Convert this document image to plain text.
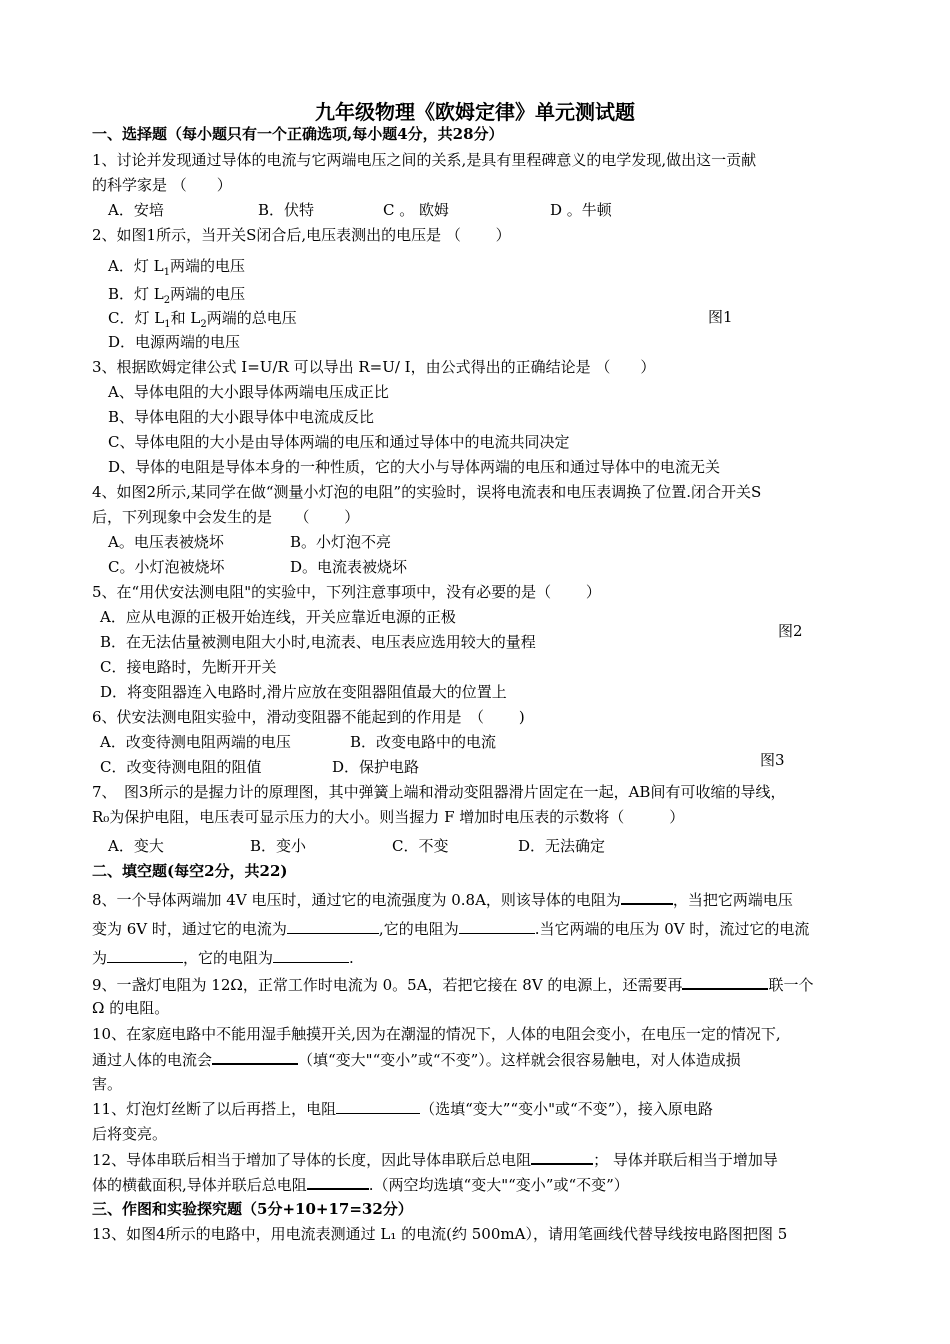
九年级物理《欧姆定律》单元测试题
一、选择题（每小题只有一个正确选项,每小题4分，共28分）
1、讨论并发现通过导体的电流与它两端电压之间的关系,是具有里程碑意义的电学发现,做出这一贡献
的科学家是 （　　）
A．安培	B．伏特	C 。 欧姆	D 。牛顿
2、如图1所示，当开关S闭合后,电压表测出的电压是 （　　 ）
A．灯 $L_1$两端的电压
B．灯 $L_2$两端的电压
C．灯 $L_1$和 $L_2$两端的总电压
D．电源两端的电压
图1
3、根据欧姆定律公式 I=U/R 可以导出 R=U/ I，由公式得出的正确结论是 （　　）
A、导体电阻的大小跟导体两端电压成正比
B、导体电阻的大小跟导体中电流成反比
C、导体电阻的大小是由导体两端的电压和通过导体中的电流共同决定
D、导体的电阻是导体本身的一种性质，它的大小与导体两端的电压和通过导体中的电流无关
4、如图2所示,某同学在做“测量小灯泡的电阻”的实验时，误将电流表和电压表调换了位置.闭合开关S
后，下列现象中会发生的是　　（　　 ）
A。电压表被烧坏	B。小灯泡不亮
C。小灯泡被烧坏	D。电流表被烧坏
5、在“用伏安法测电阻"的实验中，下列注意事项中，没有必要的是（　　 ）
A．应从电源的正极开始连线，开关应靠近电源的正极
B．在无法估量被测电阻大小时,电流表、电压表应选用较大的量程
C．接电路时，先断开开关
D．将变阻器连入电路时,滑片应放在变阻器阻值最大的位置上
图2
6、伏安法测电阻实验中，滑动变阻器不能起到的作用是　（　　 )
A．改变待测电阻两端的电压	B．改变电路中的电流
C．改变待测电阻的阻值	D．保护电路	图3
7、　图3所示的是握力计的原理图，其中弹簧上端和滑动变阻器滑片固定在一起，AB间有可收缩的导线，
R₀为保护电阻，电压表可显示压力的大小。则当握力 F 增加时电压表的示数将（　　　）
A．变大	B．变小	C．不变	D．无法确定
二、填空题(每空2分，共22)
8、一个导体两端加 4V 电压时，通过它的电流强度为 0.8A，则该导体的电阻为	，当把它两端电压
变为 6V 时，通过它的电流为	,它的电阻为	.当它两端的电压为 0V 时，流过它的电流
为	，它的电阻为	.
9、一盏灯电阻为 12Ω，正常工作时电流为 0。5A，若把它接在 8V 的电源上，还需要再	联一个
Ω 的电阻。
10、在家庭电路中不能用湿手触摸开关,因为在潮湿的情况下，人体的电阻会变小，在电压一定的情况下,
通过人体的电流会	（填“变大"“变小”或“不变”）。这样就会很容易触电，对人体造成损
害。
11、灯泡灯丝断了以后再搭上，电阻	（选填“变大”“变小"或“不变”），接入原电路
后将变亮。
12、导体串联后相当于增加了导体的长度，因此导体串联后总电阻	； 导体并联后相当于增加导
体的横截面积,导体并联后总电阻	.（两空均选填“变大"“变小”或“不变”）
三、作图和实验探究题（5分+10+17=32分）
13、如图4所示的电路中，用电流表测通过 L₁ 的电流(约 500mA），请用笔画线代替导线按电路图把图 5
